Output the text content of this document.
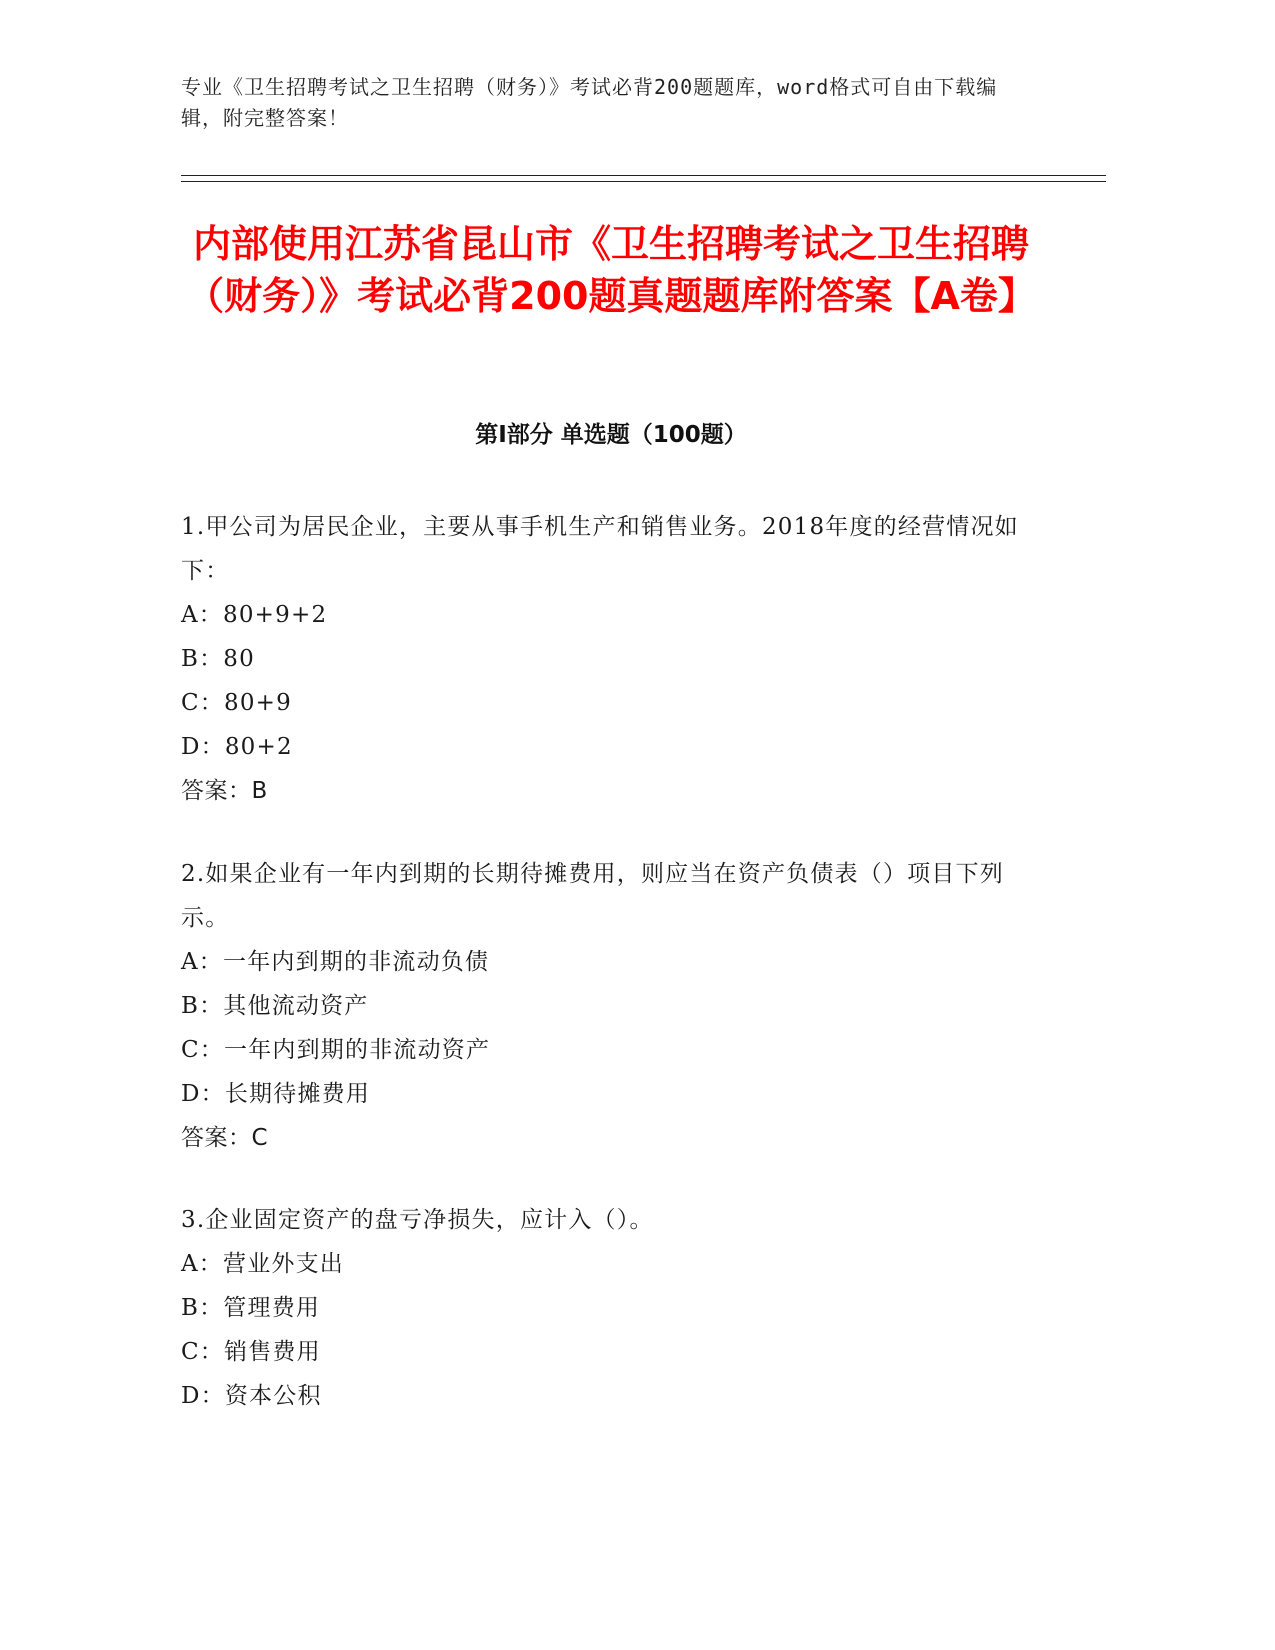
专业《卫生招聘考试之卫生招聘（财务）》考试必背200题题库，word格式可自由下载编辑，附完整答案！
内部使用江苏省昆山市《卫生招聘考试之卫生招聘（财务）》考试必背200题真题题库附答案【A卷】
第Ⅰ部分 单选题（100题）
1.甲公司为居民企业，主要从事手机生产和销售业务。2018年度的经营情况如下：
A：80+9+2
B：80
C：80+9
D：80+2
答案：B
2.如果企业有一年内到期的长期待摊费用，则应当在资产负债表（）项目下列示。
A：一年内到期的非流动负债
B：其他流动资产
C：一年内到期的非流动资产
D：长期待摊费用
答案：C
3.企业固定资产的盘亏净损失，应计入（）。
A：营业外支出
B：管理费用
C：销售费用
D：资本公积
